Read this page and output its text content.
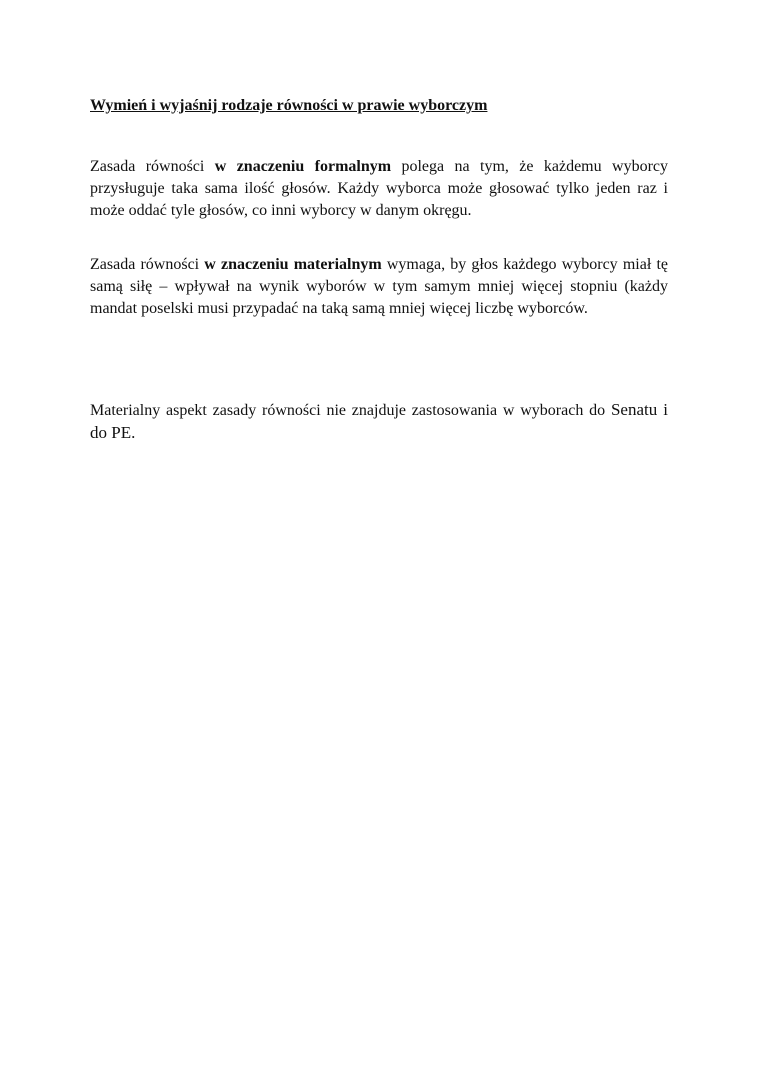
Wymień i wyjaśnij rodzaje równości w prawie wyborczym

Zasada równości w znaczeniu formalnym polega na tym, że każdemu wyborcy przysługuje taka sama ilość głosów. Każdy wyborca może głosować tylko jeden raz i może oddać tyle głosów, co inni wyborcy w danym okręgu.

Zasada równości w znaczeniu materialnym wymaga, by głos każdego wyborcy miał tę samą siłę – wpływał na wynik wyborów w tym samym mniej więcej stopniu (każdy mandat poselski musi przypadać na taką samą mniej więcej liczbę wyborców.

Materialny aspekt zasady równości nie znajduje zastosowania w wyborach do Senatu i do PE.
